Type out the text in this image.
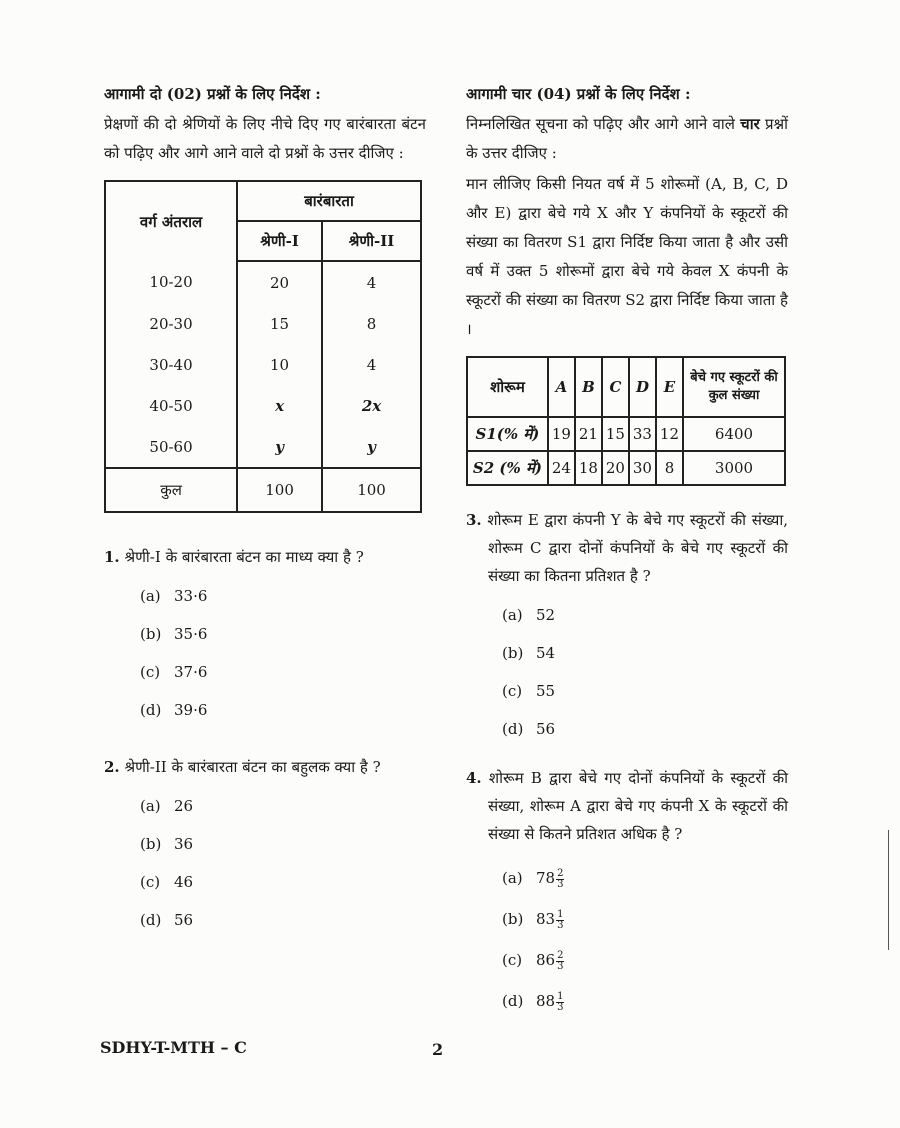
आगामी दो (02) प्रश्नों के लिए निर्देश :

प्रेक्षणों की दो श्रेणियों के लिए नीचे दिए गए बारंबारता बंटन को पढ़िए और आगे आने वाले दो प्रश्नों के उत्तर दीजिए :

वर्ग अंतराल	बारंबारता	
	श्रेणी-I	श्रेणी-II
10-20	20	4
20-30	15	8
30-40	10	4
40-50	x	2x
50-60	y	y
कुल	100	100
1. श्रेणी-I के बारंबारता बंटन का माध्य क्या है ?
(a) 33·6
(b) 35·6
(c) 37·6
(d) 39·6
2. श्रेणी-II के बारंबारता बंटन का बहुलक क्या है ?
(a) 26
(b) 36
(c) 46
(d) 56

आगामी चार (04) प्रश्नों के लिए निर्देश :

निम्नलिखित सूचना को पढ़िए और आगे आने वाले चार प्रश्नों के उत्तर दीजिए :

मान लीजिए किसी नियत वर्ष में 5 शोरूमों (A, B, C, D और E) द्वारा बेचे गये X और Y कंपनियों के स्कूटरों की संख्या का वितरण S1 द्वारा निर्दिष्ट किया जाता है और उसी वर्ष में उक्त 5 शोरूमों द्वारा बेचे गये केवल X कंपनी के स्कूटरों की संख्या का वितरण S2 द्वारा निर्दिष्ट किया जाता है ।

शोरूम	A	B	C	D	E	बेचे गए स्कूटरों की कुल संख्या
S1(% में)	19	21	15	33	12	6400
S2 (% में)	24	18	20	30	8	3000
3. शोरूम E द्वारा कंपनी Y के बेचे गए स्कूटरों की संख्या, शोरूम C द्वारा दोनों कंपनियों के बेचे गए स्कूटरों की संख्या का कितना प्रतिशत है ?
(a) 52
(b) 54
(c) 55
(d) 56
4. शोरूम B द्वारा बेचे गए दोनों कंपनियों के स्कूटरों की संख्या, शोरूम A द्वारा बेचे गए कंपनी X के स्कूटरों की संख्या से कितने प्रतिशत अधिक है ?
(a) $78 \frac{2}{3}$
(b) $83 \frac{1}{3}$
(c) $86 \frac{2}{3}$
(d) $88 \frac{1}{3}$
SDHY-T-MTH – C	2
